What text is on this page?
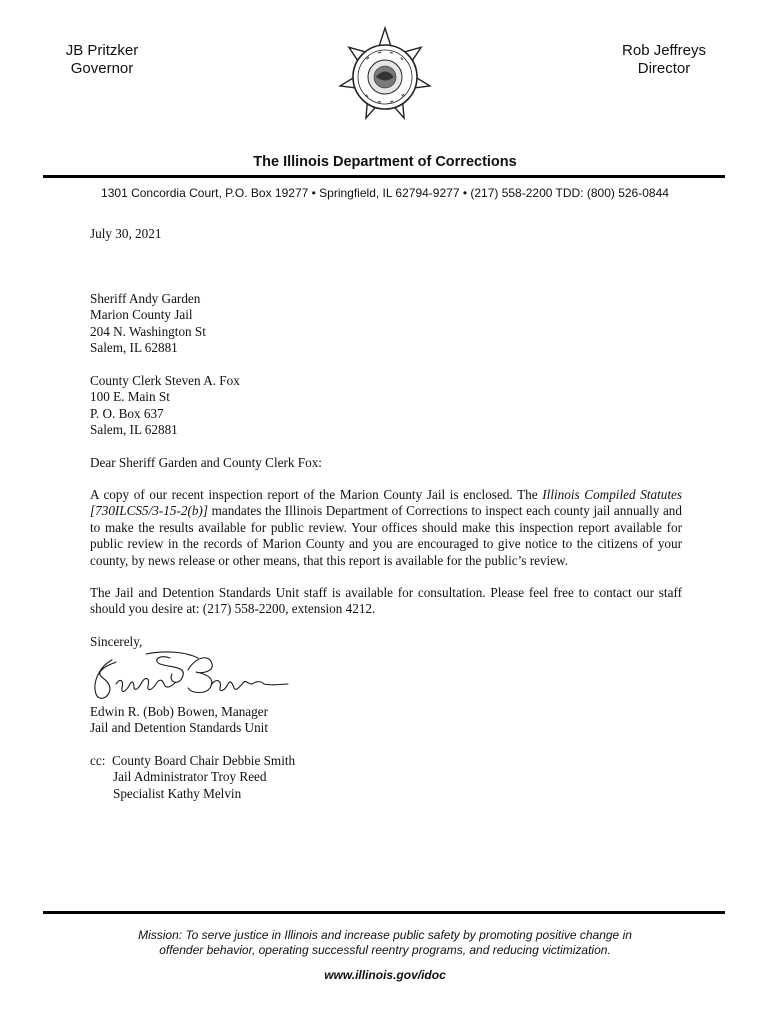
JB Pritzker
Governor
Rob Jeffreys
Director
The Illinois Department of Corrections
1301 Concordia Court, P.O. Box 19277 • Springfield, IL 62794-9277 • (217) 558-2200 TDD: (800) 526-0844
July 30, 2021
Sheriff Andy Garden
Marion County Jail
204 N. Washington St
Salem, IL 62881
County Clerk Steven A. Fox
100 E. Main St
P. O. Box 637
Salem, IL 62881
Dear Sheriff Garden and County Clerk Fox:
A copy of our recent inspection report of the Marion County Jail is enclosed. The Illinois Compiled Statutes [730ILCS5/3-15-2(b)] mandates the Illinois Department of Corrections to inspect each county jail annually and to make the results available for public review. Your offices should make this inspection report available for public review in the records of Marion County and you are encouraged to give notice to the citizens of your county, by news release or other means, that this report is available for the public’s review.
The Jail and Detention Standards Unit staff is available for consultation. Please feel free to contact our staff should you desire at: (217) 558-2200, extension 4212.
Sincerely,
Edwin R. (Bob) Bowen, Manager
Jail and Detention Standards Unit
cc: County Board Chair Debbie Smith
Jail Administrator Troy Reed
Specialist Kathy Melvin
Mission: To serve justice in Illinois and increase public safety by promoting positive change in
offender behavior, operating successful reentry programs, and reducing victimization.
www.illinois.gov/idoc
